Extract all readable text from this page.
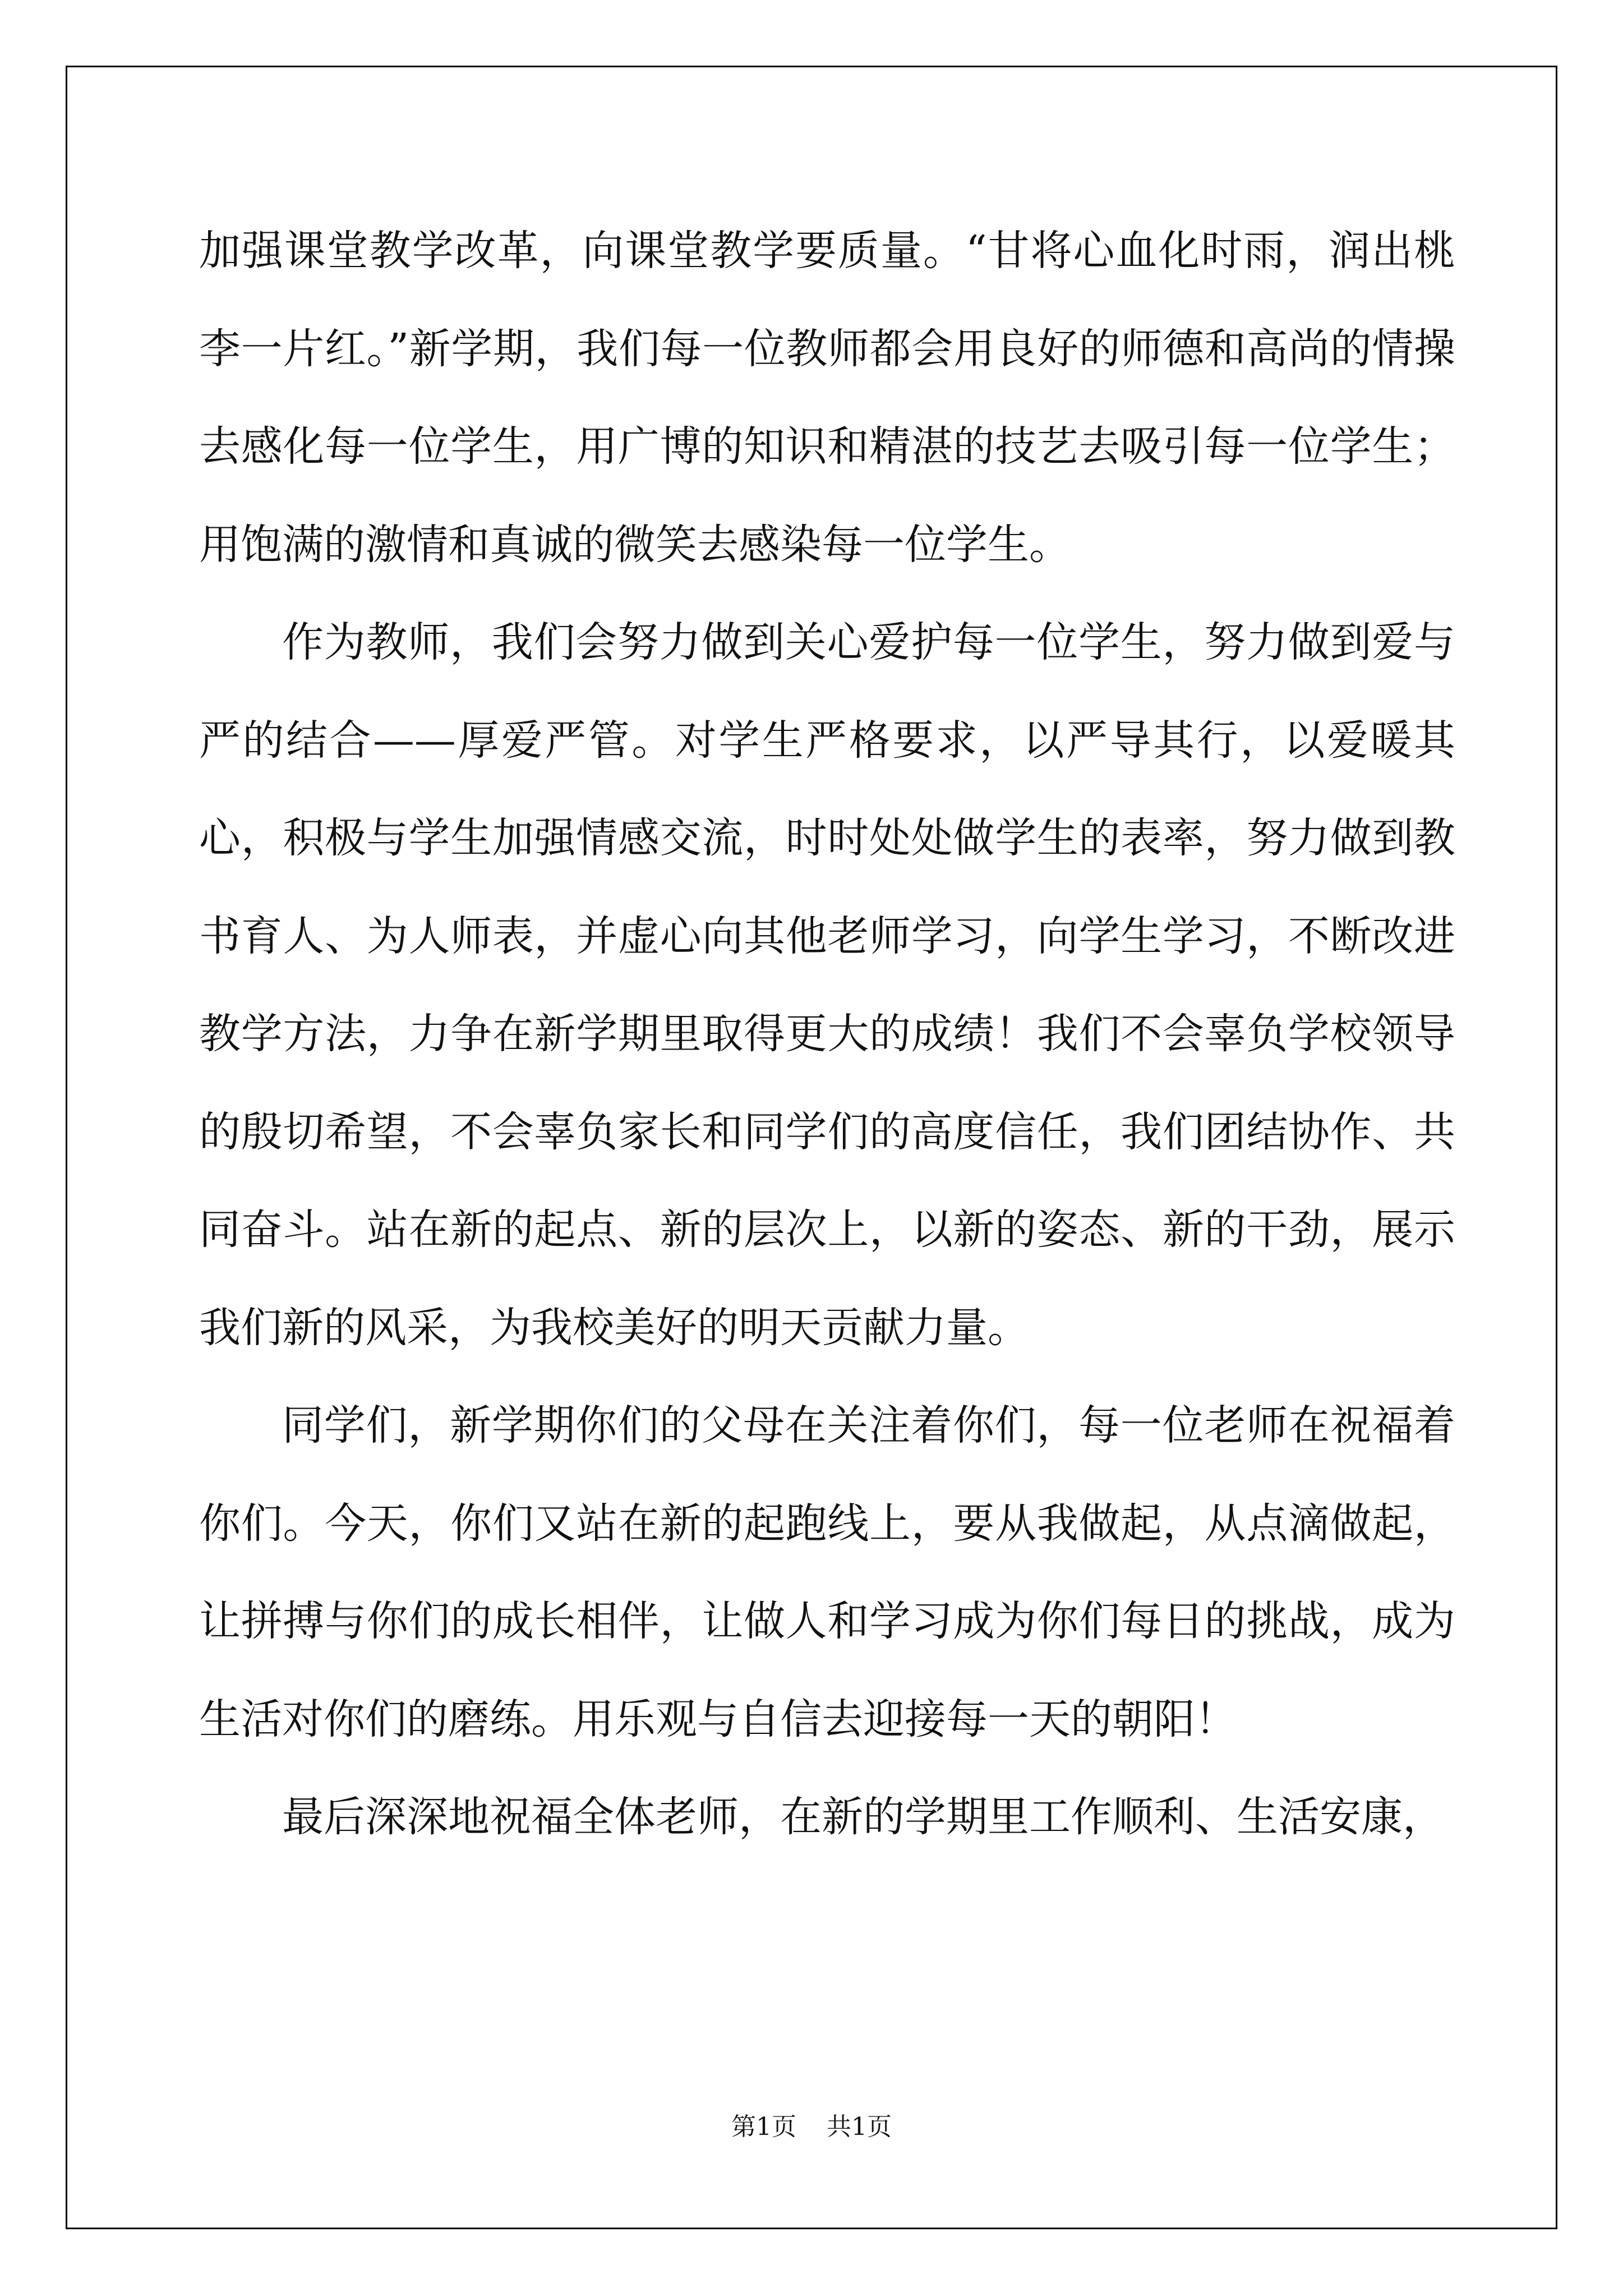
加强课堂教学改革，向课堂教学要质量。“甘将心血化时雨，润出桃李一片红。”新学期，我们每一位教师都会用良好的师德和高尚的情操去感化每一位学生，用广博的知识和精湛的技艺去吸引每一位学生；用饱满的激情和真诚的微笑去感染每一位学生。

作为教师，我们会努力做到关心爱护每一位学生，努力做到爱与严的结合——厚爱严管。对学生严格要求，以严导其行，以爱暖其心，积极与学生加强情感交流，时时处处做学生的表率，努力做到教书育人、为人师表，并虚心向其他老师学习，向学生学习，不断改进教学方法，力争在新学期里取得更大的成绩！我们不会辜负学校领导的殷切希望，不会辜负家长和同学们的高度信任，我们团结协作、共同奋斗。站在新的起点、新的层次上，以新的姿态、新的干劲，展示我们新的风采，为我校美好的明天贡献力量。

同学们，新学期你们的父母在关注着你们，每一位老师在祝福着你们。今天，你们又站在新的起跑线上，要从我做起，从点滴做起，让拼搏与你们的成长相伴，让做人和学习成为你们每日的挑战，成为生活对你们的磨练。用乐观与自信去迎接每一天的朝阳！

最后深深地祝福全体老师，在新的学期里工作顺利、生活安康，

第1页 共1页
